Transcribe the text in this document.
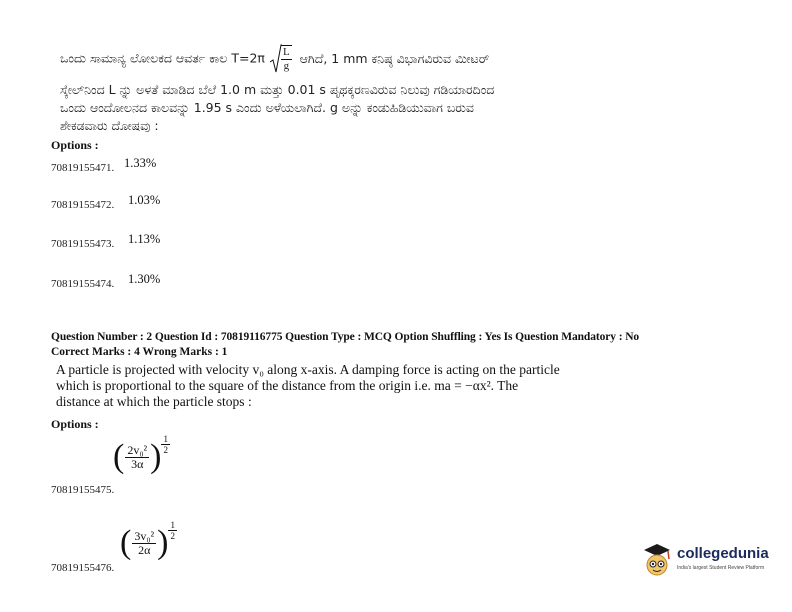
ಒಂದು ಸಾಮಾನ್ಯ ಲೋಲಕದ ಆವರ್ತ ಕಾಲ $T=2\pi \frac{L}{g}$ ಆಗಿದೆ, 1 mm ಕನಿಷ್ಠ ವಿಭಾಗವಿರುವ ಮೀಟರ್
ಸ್ಕೇಲ್‌ನಿಂದ L ನ್ನು ಅಳತೆ ಮಾಡಿದ ಬೆಲೆ 1.0 m ಮತ್ತು 0.01 s ಪೃಥಕ್ಕರಣವಿರುವ ನಿಲುವು ಗಡಿಯಾರದಿಂದ
ಒಂದು ಆಂದೋಲನದ ಕಾಲವನ್ನು 1.95 s ಎಂದು ಅಳೆಯಲಾಗಿದೆ. g ಅನ್ನು ಕಂಡುಹಿಡಿಯುವಾಗ ಬರುವ
ಶೇಕಡವಾರು ದೋಷವು :
Options :
70819155471. 1.33%
70819155472. 1.03%
70819155473. 1.13%
70819155474. 1.30%
Question Number : 2 Question Id : 70819116775 Question Type : MCQ Option Shuffling : Yes Is Question Mandatory : No
Correct Marks : 4 Wrong Marks : 1
A particle is projected with velocity v₀ along x-axis. A damping force is acting on the particle
which is proportional to the square of the distance from the origin i.e. ma = −αx². The
distance at which the particle stops :
Options :
( $\frac{\text{2v₀²}}{3\alpha}$ ) $\frac{1}{2}$
70819155475.
( $\frac{\text{3v₀²}}{2\alpha}$ ) $\frac{1}{2}$
70819155476.
collegedunia
India's largest Student Review Platform
